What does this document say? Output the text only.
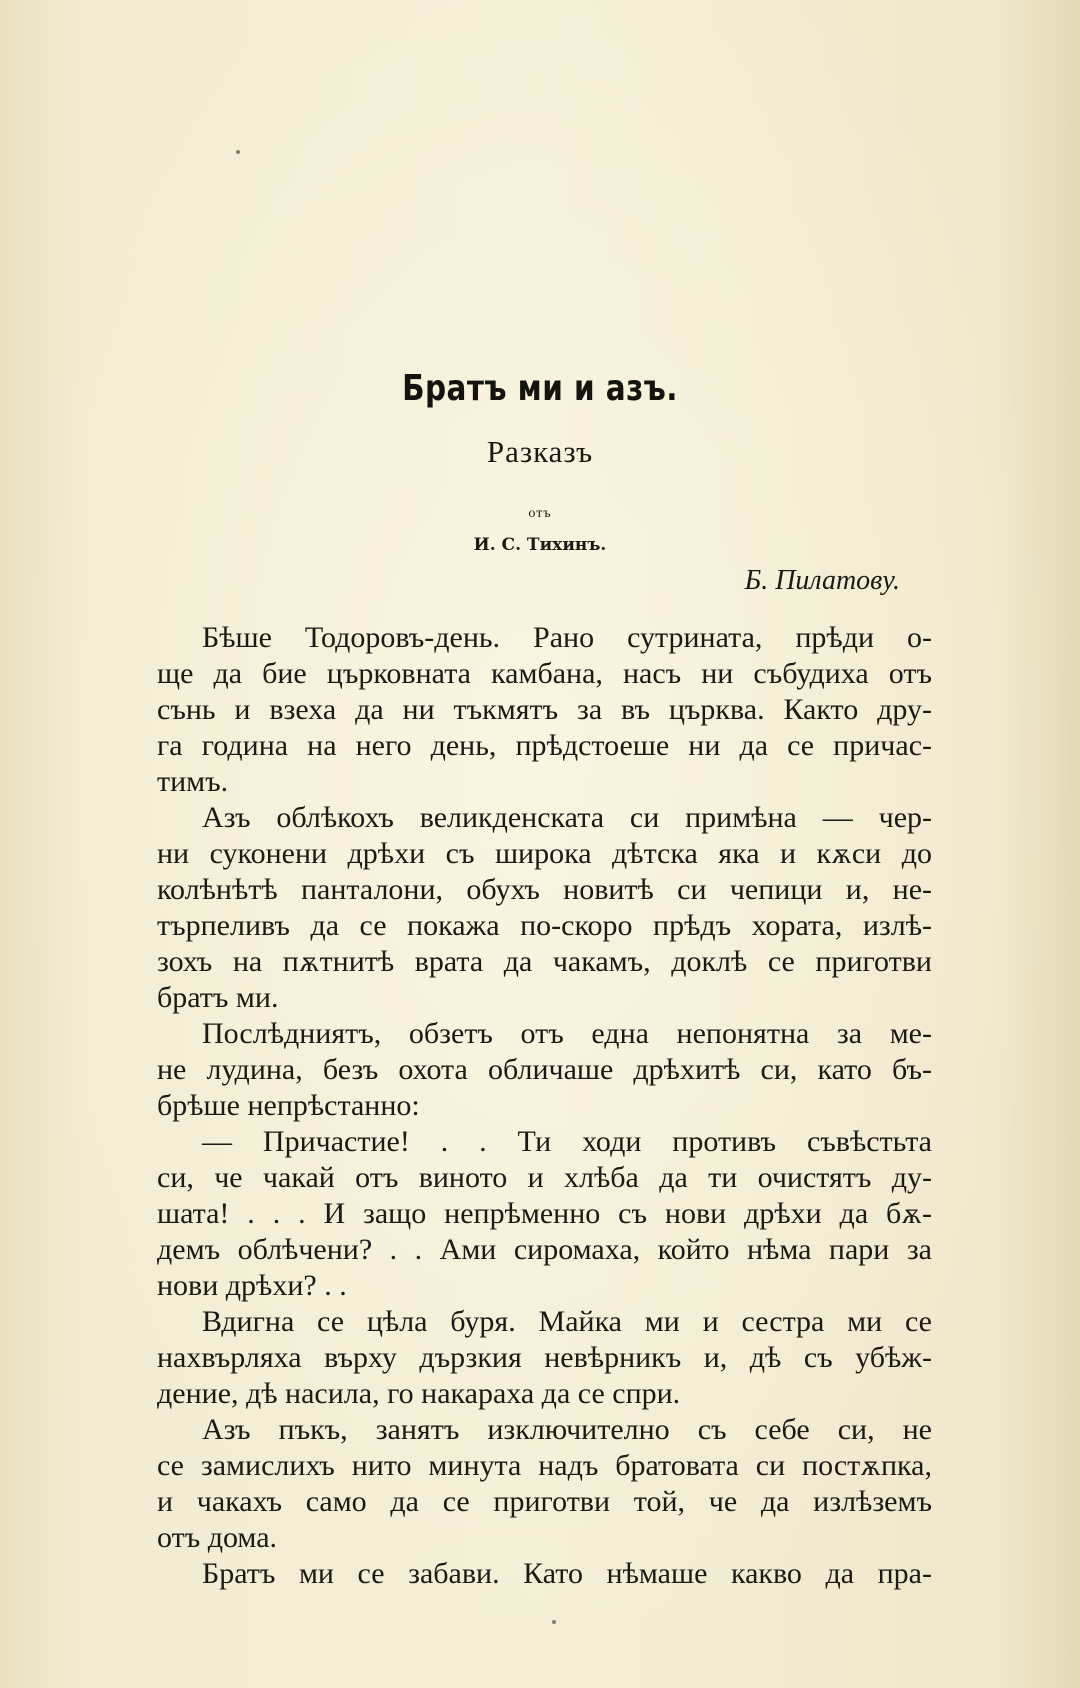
Братъ ми и азъ.
Разказъ
отъ
И. С. Тихинъ.
Б. Пилатову.
Бѣше Тодоровъ-день. Рано сутрината, прѣди о-
ще да бие църковната камбана, насъ ни събудиха отъ
сънь и взеха да ни тъкмятъ за въ църква. Както дру-
га година на него день, прѣдстоеше ни да се причас-
тимъ.
Азъ облѣкохъ великденската си примѣна — чер-
ни суконени дрѣхи съ широка дѣтска яка и кѫси до
колѣнѣтѣ панталони, обухъ новитѣ си чепици и, не-
търпеливъ да се покажа по-скоро прѣдъ хората, излѣ-
зохъ на пѫтнитѣ врата да чакамъ, доклѣ се приготви
братъ ми.
Послѣдниятъ, обзетъ отъ една непонятна за ме-
не лудина, безъ охота обличаше дрѣхитѣ си, като бъ-
брѣше непрѣстанно:
— Причастие! . . Ти ходи противъ съвѣстьта
си, че чакай отъ виното и хлѣба да ти очистятъ ду-
шата! . . . И защо непрѣменно съ нови дрѣхи да бѫ-
демъ облѣчени? . . Ами сиромаха, който нѣма пари за
нови дрѣхи? . .
Вдигна се цѣла буря. Майка ми и сестра ми се
нахвърляха върху дързкия невѣрникъ и, дѣ съ убѣж-
дение, дѣ насила, го накараха да се спри.
Азъ пъкъ, занятъ изключително съ себе си, не
се замислихъ нито минута надъ братовата си постѫпка,
и чакахъ само да се приготви той, че да излѣземъ
отъ дома.
Братъ ми се забави. Като нѣмаше какво да пра-
